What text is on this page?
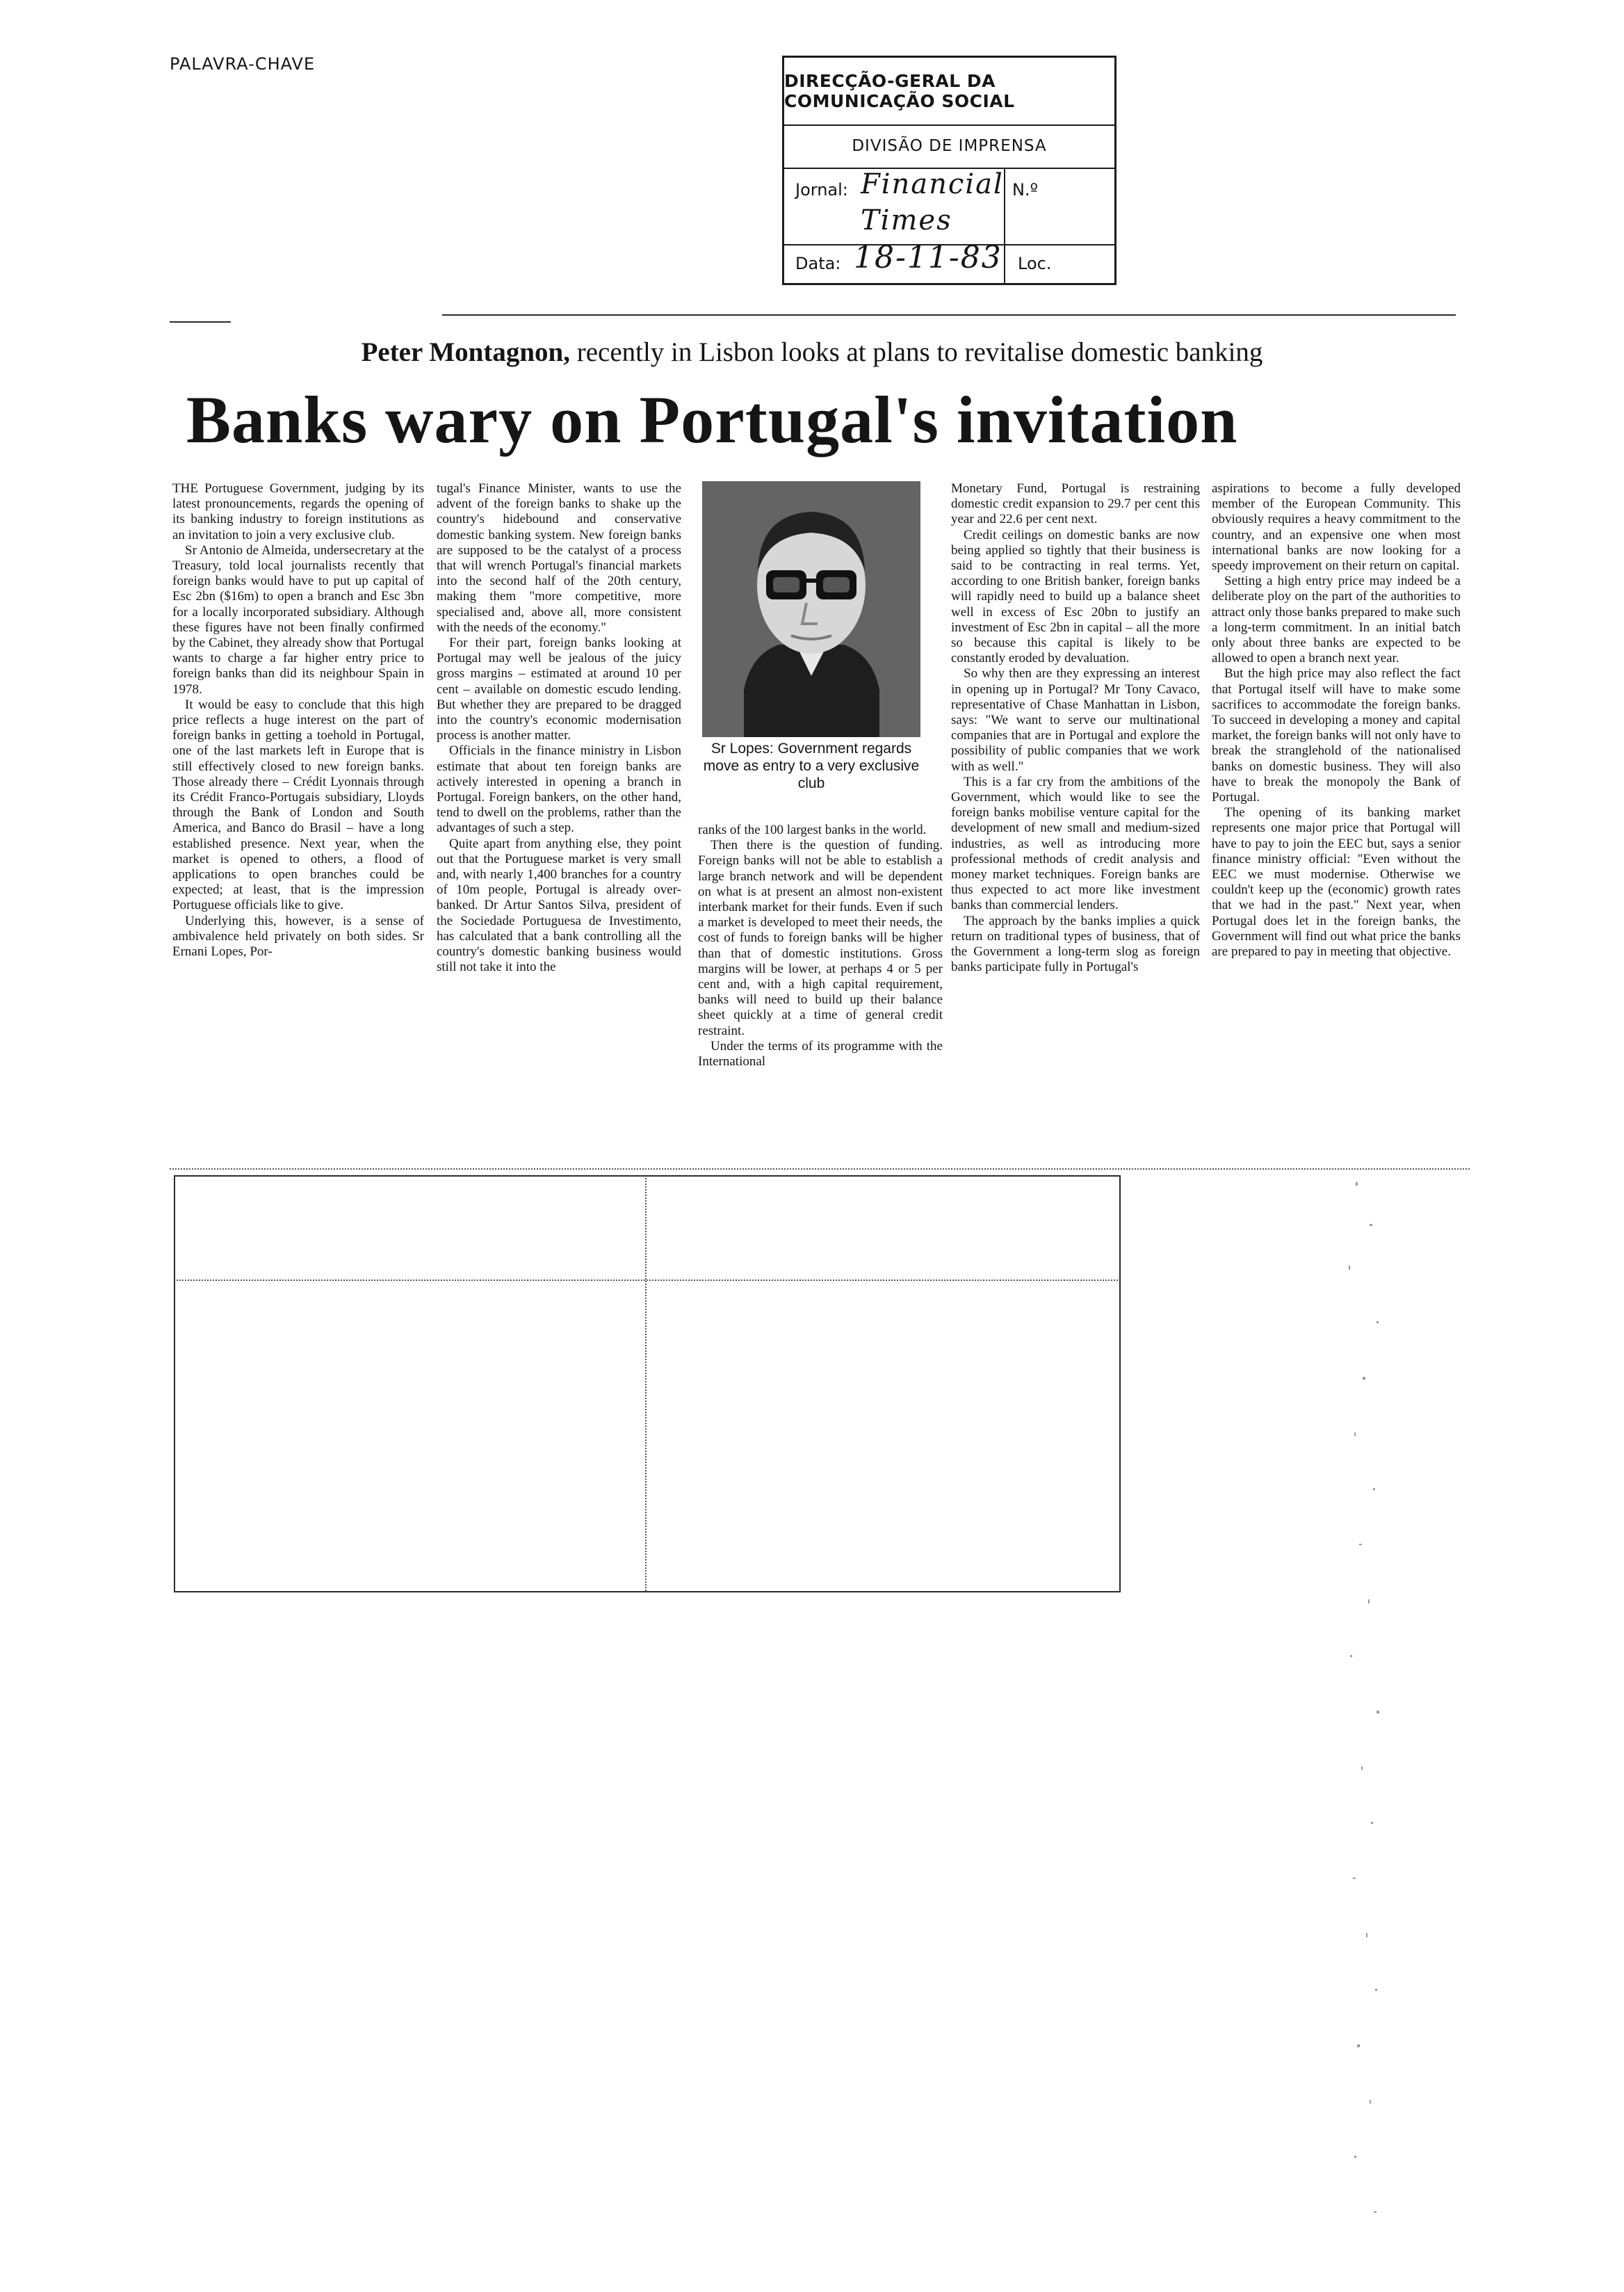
PALAVRA-CHAVE
DIRECÇÃO-GERAL DA COMUNICAÇÃO SOCIAL
DIVISÃO DE IMPRENSA
Jornal: Financial Times
N.º
Data: 18-11-83 Loc.
Peter Montagnon, recently in Lisbon looks at plans to revitalise domestic banking
Banks wary on Portugal's invitation

THE Portuguese Government, judging by its latest pronouncements, regards the opening of its banking industry to foreign institutions as an invitation to join a very exclusive club.

Sr Antonio de Almeida, undersecretary at the Treasury, told local journalists recently that foreign banks would have to put up capital of Esc 2bn ($16m) to open a branch and Esc 3bn for a locally incorporated subsidiary. Although these figures have not been finally confirmed by the Cabinet, they already show that Portugal wants to charge a far higher entry price to foreign banks than did its neighbour Spain in 1978.

It would be easy to conclude that this high price reflects a huge interest on the part of foreign banks in getting a toehold in Portugal, one of the last markets left in Europe that is still effectively closed to new foreign banks. Those already there – Crédit Lyonnais through its Crédit Franco-Portugais subsidiary, Lloyds through the Bank of London and South America, and Banco do Brasil – have a long established presence. Next year, when the market is opened to others, a flood of applications to open branches could be expected; at least, that is the impression Portuguese officials like to give.

Underlying this, however, is a sense of ambivalence held privately on both sides. Sr Ernani Lopes, Por-

tugal's Finance Minister, wants to use the advent of the foreign banks to shake up the country's hidebound and conservative domestic banking system. New foreign banks are supposed to be the catalyst of a process that will wrench Portugal's financial markets into the second half of the 20th century, making them "more competitive, more specialised and, above all, more consistent with the needs of the economy."

For their part, foreign banks looking at Portugal may well be jealous of the juicy gross margins – estimated at around 10 per cent – available on domestic escudo lending. But whether they are prepared to be dragged into the country's economic modernisation process is another matter.

Officials in the finance ministry in Lisbon estimate that about ten foreign banks are actively interested in opening a branch in Portugal. Foreign bankers, on the other hand, tend to dwell on the problems, rather than the advantages of such a step.

Quite apart from anything else, they point out that the Portuguese market is very small and, with nearly 1,400 branches for a country of 10m people, Portugal is already over-banked. Dr Artur Santos Silva, president of the Sociedade Portuguesa de Investimento, has calculated that a bank controlling all the country's domestic banking business would still not take it into the

Sr Lopes: Government regards move as entry to a very exclusive club

ranks of the 100 largest banks in the world.

Then there is the question of funding. Foreign banks will not be able to establish a large branch network and will be dependent on what is at present an almost non-existent interbank market for their funds. Even if such a market is developed to meet their needs, the cost of funds to foreign banks will be higher than that of domestic institutions. Gross margins will be lower, at perhaps 4 or 5 per cent and, with a high capital requirement, banks will need to build up their balance sheet quickly at a time of general credit restraint.

Under the terms of its programme with the International

Monetary Fund, Portugal is restraining domestic credit expansion to 29.7 per cent this year and 22.6 per cent next.

Credit ceilings on domestic banks are now being applied so tightly that their business is said to be contracting in real terms. Yet, according to one British banker, foreign banks will rapidly need to build up a balance sheet well in excess of Esc 20bn to justify an investment of Esc 2bn in capital – all the more so because this capital is likely to be constantly eroded by devaluation.

So why then are they expressing an interest in opening up in Portugal? Mr Tony Cavaco, representative of Chase Manhattan in Lisbon, says: "We want to serve our multinational companies that are in Portugal and explore the possibility of public companies that we work with as well."

This is a far cry from the ambitions of the Government, which would like to see the foreign banks mobilise venture capital for the development of new small and medium-sized industries, as well as introducing more professional methods of credit analysis and money market techniques. Foreign banks are thus expected to act more like investment banks than commercial lenders.

The approach by the banks implies a quick return on traditional types of business, that of the Government a long-term slog as foreign banks participate fully in Portugal's

aspirations to become a fully developed member of the European Community. This obviously requires a heavy commitment to the country, and an expensive one when most international banks are now looking for a speedy improvement on their return on capital.

Setting a high entry price may indeed be a deliberate ploy on the part of the authorities to attract only those banks prepared to make such a long-term commitment. In an initial batch only about three banks are expected to be allowed to open a branch next year.

But the high price may also reflect the fact that Portugal itself will have to make some sacrifices to accommodate the foreign banks. To succeed in developing a money and capital market, the foreign banks will not only have to break the stranglehold of the nationalised banks on domestic business. They will also have to break the monopoly the Bank of Portugal.

The opening of its banking market represents one major price that Portugal will have to pay to join the EEC but, says a senior finance ministry official: "Even without the EEC we must modernise. Otherwise we couldn't keep up the (economic) growth rates that we had in the past." Next year, when Portugal does let in the foreign banks, the Government will find out what price the banks are prepared to pay in meeting that objective.
